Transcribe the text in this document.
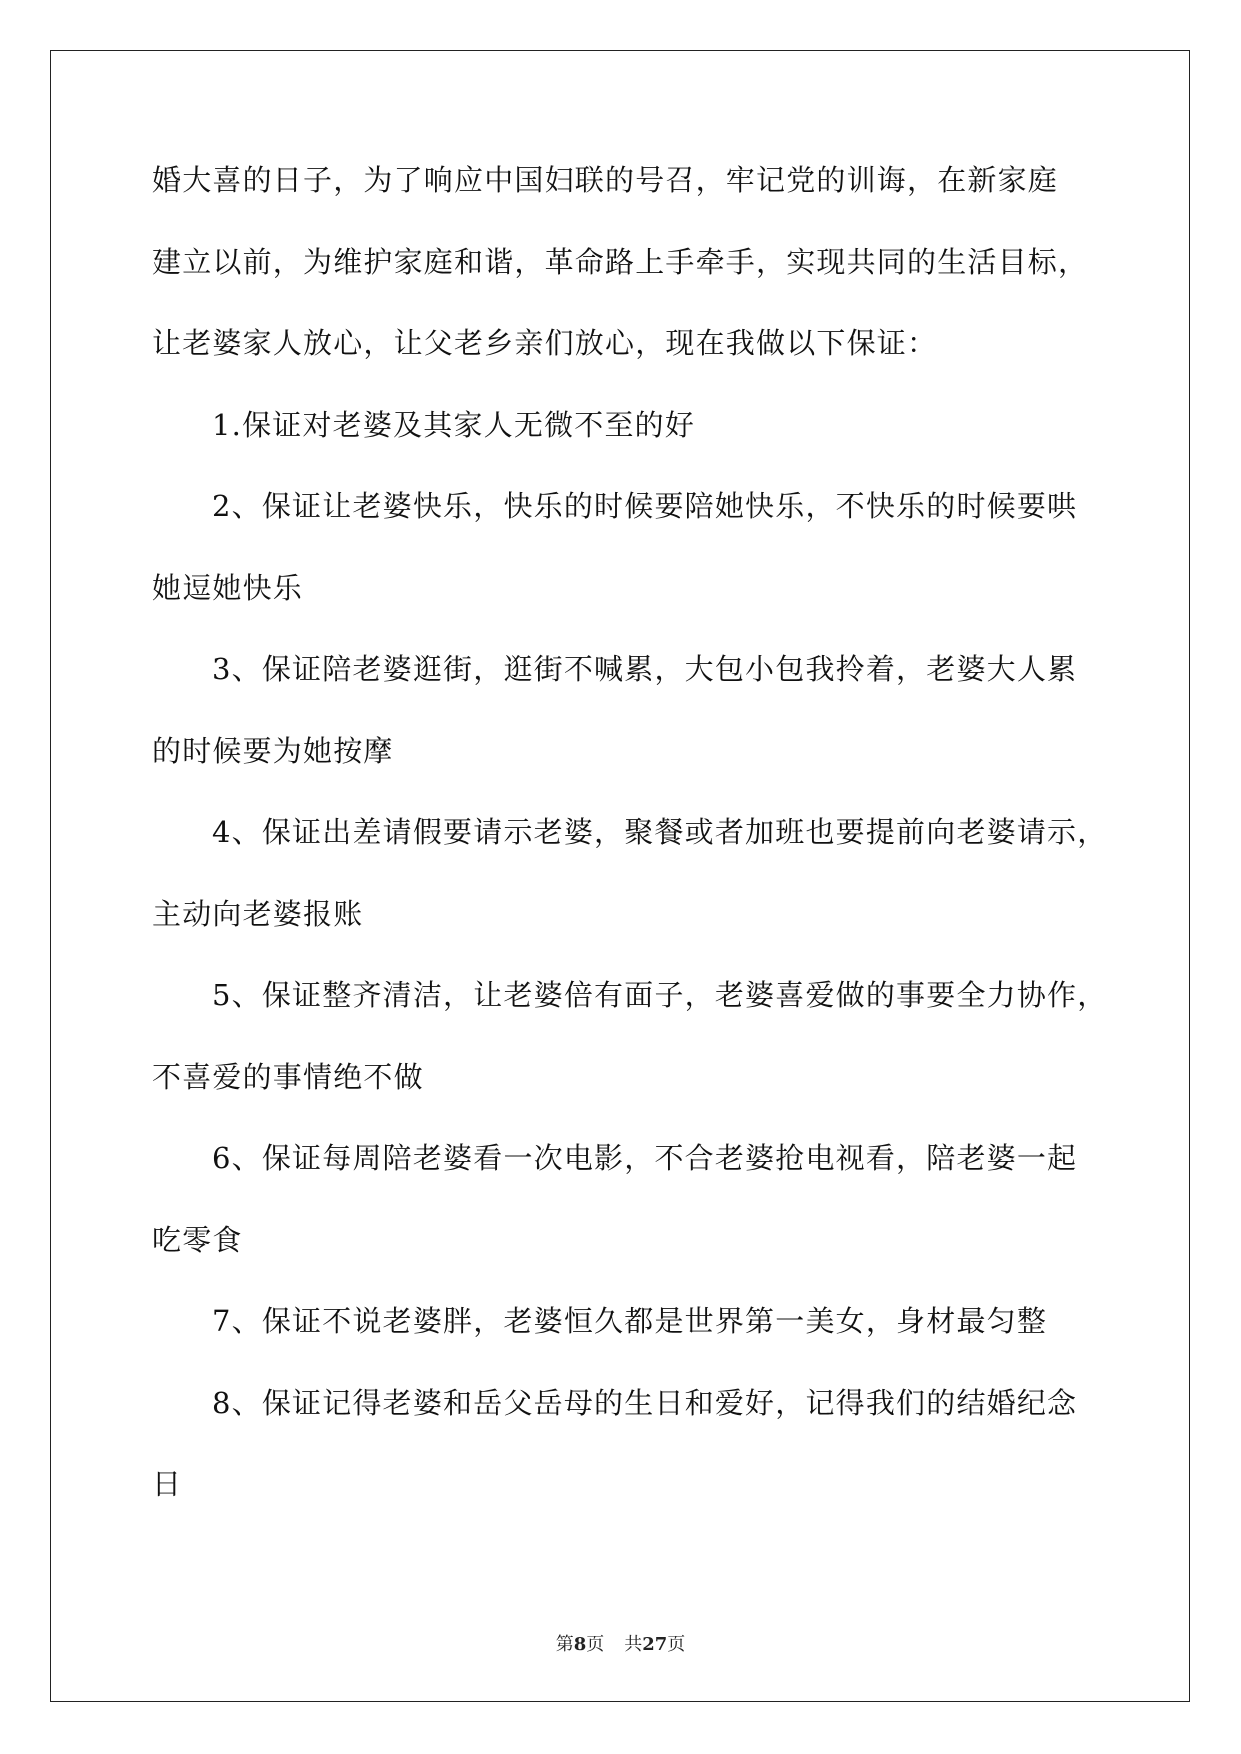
婚大喜的日子，为了响应中国妇联的号召，牢记党的训诲，在新家庭
建立以前，为维护家庭和谐，革命路上手牵手，实现共同的生活目标，
让老婆家人放心，让父老乡亲们放心，现在我做以下保证：
1.保证对老婆及其家人无微不至的好
2、保证让老婆快乐，快乐的时候要陪她快乐，不快乐的时候要哄
她逗她快乐
3、保证陪老婆逛街，逛街不喊累，大包小包我拎着，老婆大人累
的时候要为她按摩
4、保证出差请假要请示老婆，聚餐或者加班也要提前向老婆请示，
主动向老婆报账
5、保证整齐清洁，让老婆倍有面子，老婆喜爱做的事要全力协作，
不喜爱的事情绝不做
6、保证每周陪老婆看一次电影，不合老婆抢电视看，陪老婆一起
吃零食
7、保证不说老婆胖，老婆恒久都是世界第一美女，身材最匀整
8、保证记得老婆和岳父岳母的生日和爱好，记得我们的结婚纪念
日
第8页 共27页
